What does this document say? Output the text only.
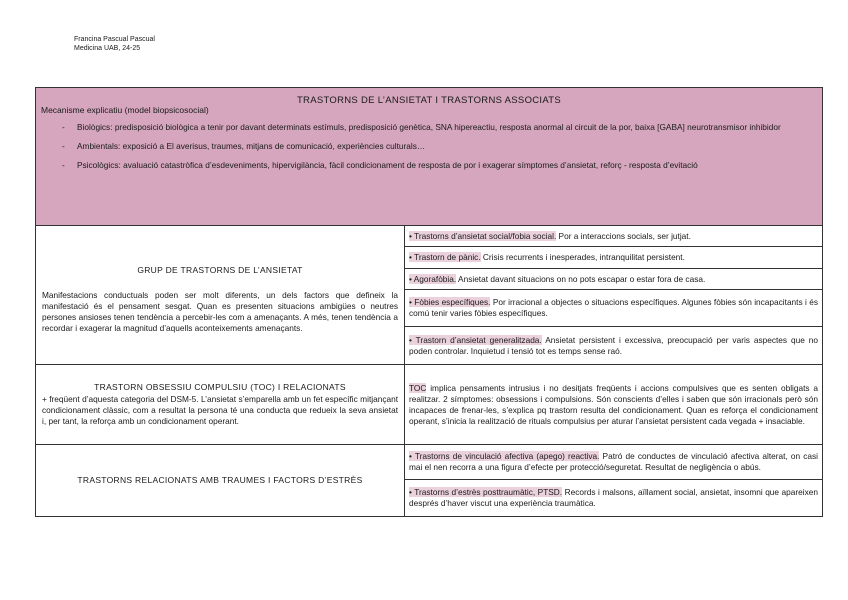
Francina Pascual Pascual
Medicina UAB, 24-25
TRASTORNS DE L’ANSIETAT I TRASTORNS ASSOCIATS
Mecanisme explicatiu (model biopsicosocial)
- Biològics: predisposició biològica a tenir por davant determinats estímuls, predisposició genètica, SNA hipereactiu, resposta anormal al circuit de la por, baixa [GABA] neurotransmisor inhibidor
- Ambientals: exposició a El averisus, traumes, mitjans de comunicació, experiències culturals…
- Psicològics: avaluació catastròfica d’esdeveniments, hipervigilància, fàcil condicionament de resposta de por i exagerar símptomes d’ansietat, reforç - resposta d’evitació
GRUP DE TRASTORNS DE L’ANSIETAT
Manifestacions conductuals poden ser molt diferents, un dels factors que defineix la manifestació és el pensament sesgat. Quan es presenten situacions ambigües o neutres persones ansioses tenen tendència a percebir-les com a amenaçants. A més, tenen tendència a recordar i exagerar la magnitud d’aquells aconteixements amenaçants.

• Trastorns d’ansietat social/fobia social. Por a interaccions socials, ser jutjat.

• Trastorn de pànic. Crisis recurrents i inesperades, intranquilitat persistent.

• Agorafòbia. Ansietat davant situacions on no pots escapar o estar fora de casa.

• Fòbies específiques. Por irracional a objectes o situacions específiques. Algunes fòbies són incapacitants i és comú tenir varies fòbies específiques.

• Trastorn d’ansietat generalitzada. Ansietat persistent i excessiva, preocupació per varis aspectes que no poden controlar. Inquietud i tensió tot es temps sense raó.

TRASTORN OBSESSIU COMPULSIU (TOC) I RELACIONATS
+ freqüent d’aquesta categoria del DSM-5. L’ansietat s’emparella amb un fet específic mitjançant condicionament clàssic, com a resultat la persona té una conducta que redueix la seva ansietat i, per tant, la reforça amb un condicionament operant.

TOC implica pensaments intrusius i no desitjats freqüents i accions compulsives que es senten obligats a realitzar. 2 símptomes: obsessions i compulsions. Són conscients d’elles i saben que són irracionals però són incapaces de frenar-les, s’explica pq trastorn resulta del condicionament. Quan es reforça el condicionament operant, s’inicia la realització de rituals compulsius per aturar l’ansietat persistent cada vegada + insaciable.

TRASTORNS RELACIONATS AMB TRAUMES I FACTORS D’ESTRÈS

• Trastorns de vinculació afectiva (apego) reactiva. Patró de conductes de vinculació afectiva alterat, on casi mai el nen recorra a una figura d’efecte per protecció/seguretat. Resultat de negligència o abús.

• Trastorns d’estrès posttraumàtic, PTSD. Records i malsons, aïllament social, ansietat, insomni que apareixen després d’haver viscut una experiència traumàtica.
